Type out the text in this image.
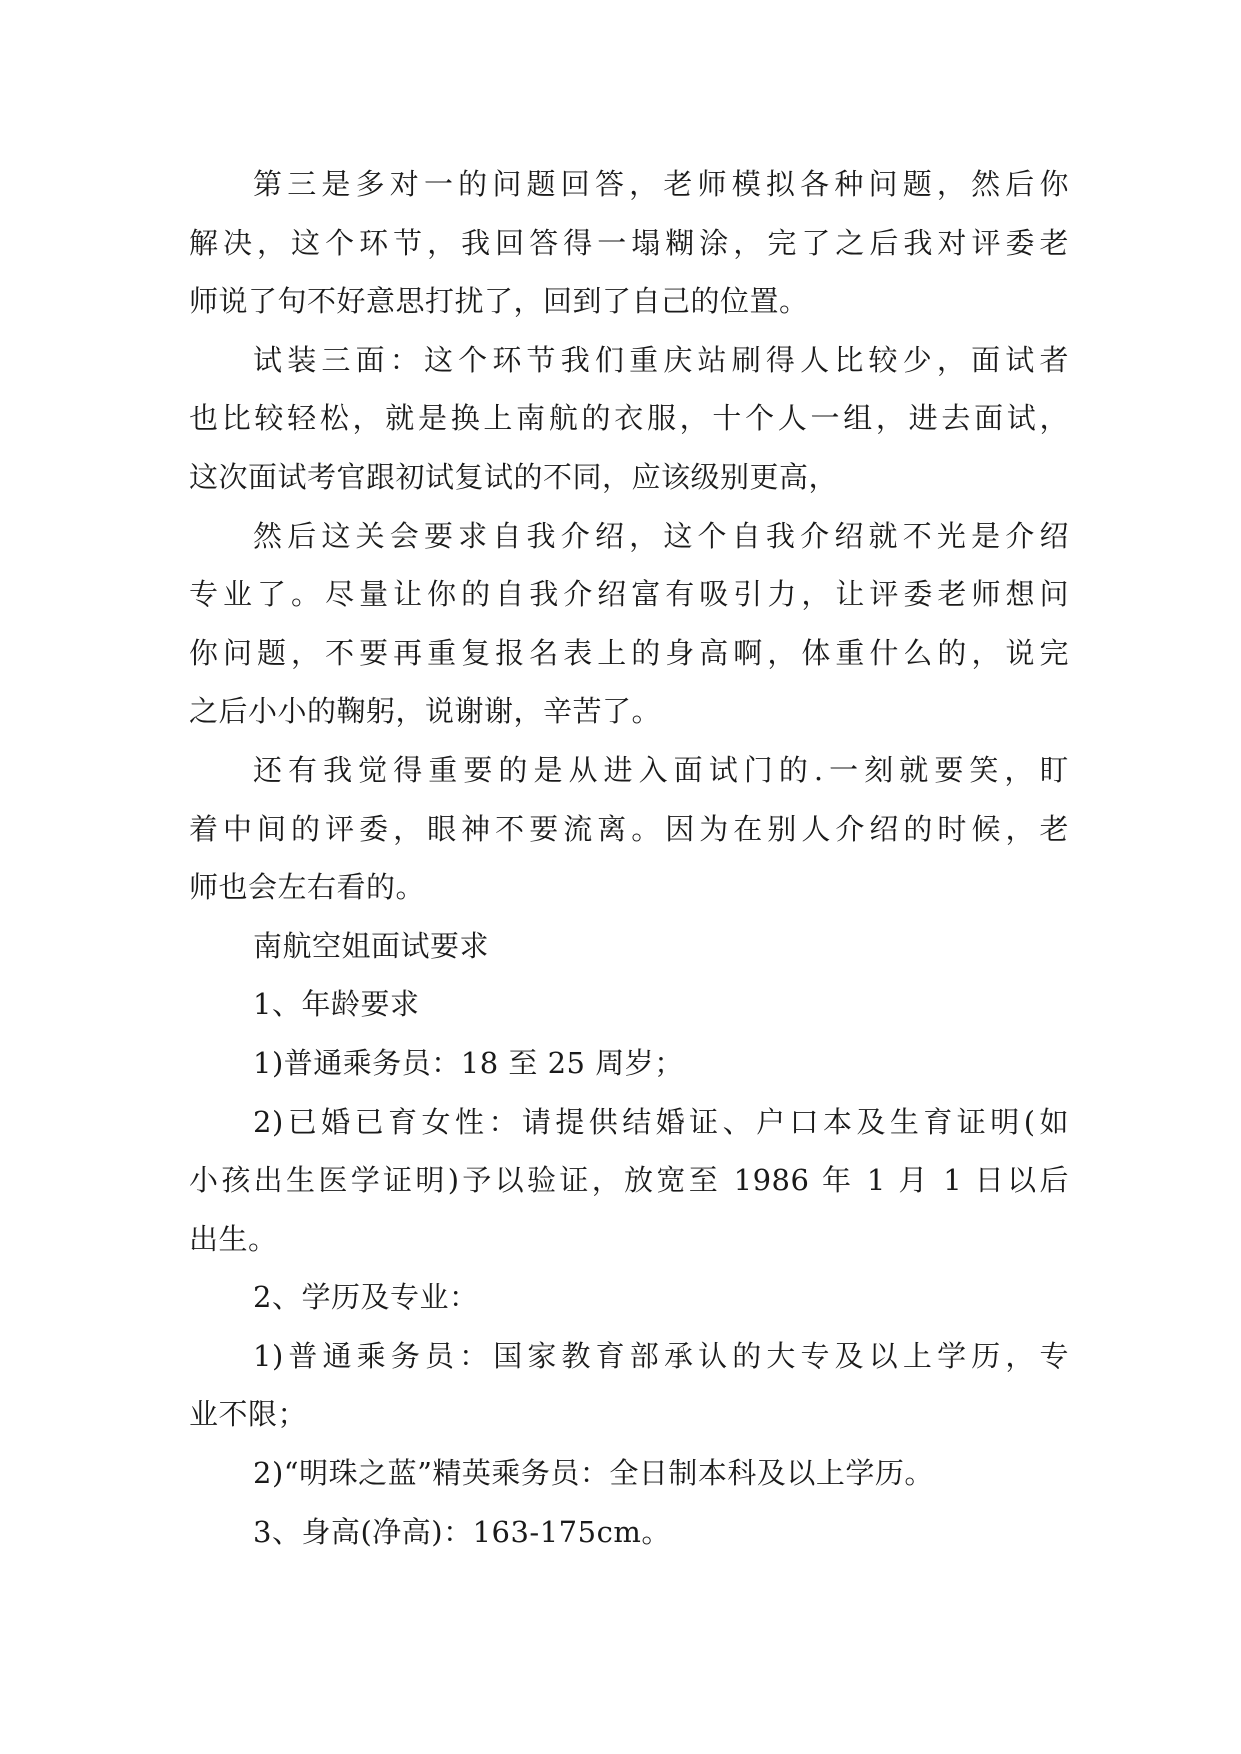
第三是多对一的问题回答，老师模拟各种问题，然后你
解决，这个环节，我回答得一塌糊涂，完了之后我对评委老
师说了句不好意思打扰了，回到了自己的位置。
试装三面：这个环节我们重庆站刷得人比较少，面试者
也比较轻松，就是换上南航的衣服，十个人一组，进去面试，
这次面试考官跟初试复试的不同，应该级别更高，
然后这关会要求自我介绍，这个自我介绍就不光是介绍
专业了。尽量让你的自我介绍富有吸引力，让评委老师想问
你问题，不要再重复报名表上的身高啊，体重什么的，说完
之后小小的鞠躬，说谢谢，辛苦了。
还有我觉得重要的是从进入面试门的.一刻就要笑，盯
着中间的评委，眼神不要流离。因为在别人介绍的时候，老
师也会左右看的。
南航空姐面试要求
1、年龄要求
1)普通乘务员：18 至 25 周岁；
2)已婚已育女性：请提供结婚证、户口本及生育证明(如
小孩出生医学证明)予以验证，放宽至 1986 年 1 月 1 日以后
出生。
2、学历及专业：
1)普通乘务员：国家教育部承认的大专及以上学历，专
业不限；
2)“明珠之蓝”精英乘务员：全日制本科及以上学历。
3、身高(净高)：163-175cm。
